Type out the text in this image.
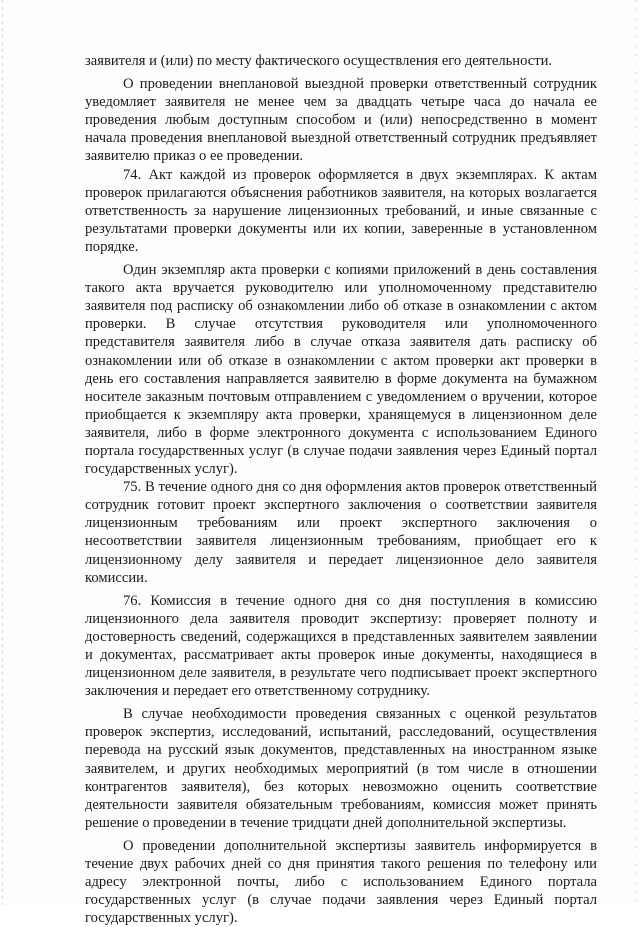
заявителя и (или) по месту фактического осуществления его деятельности.

О проведении внеплановой выездной проверки ответственный сотрудник уведомляет заявителя не менее чем за двадцать четыре часа до начала ее проведения любым доступным способом и (или) непосредственно в момент начала проведения внеплановой выездной ответственный сотрудник предъявляет заявителю приказ о ее проведении.

74. Акт каждой из проверок оформляется в двух экземплярах. К актам проверок прилагаются объяснения работников заявителя, на которых возлагается ответственность за нарушение лицензионных требований, и иные связанные с результатами проверки документы или их копии, заверенные в установленном порядке.

Один экземпляр акта проверки с копиями приложений в день составления такого акта вручается руководителю или уполномоченному представителю заявителя под расписку об ознакомлении либо об отказе в ознакомлении с актом проверки. В случае отсутствия руководителя или уполномоченного представителя заявителя либо в случае отказа заявителя дать расписку об ознакомлении или об отказе в ознакомлении с актом проверки акт проверки в день его составления направляется заявителю в форме документа на бумажном носителе заказным почтовым отправлением с уведомлением о вручении, которое приобщается к экземпляру акта проверки, хранящемуся в лицензионном деле заявителя, либо в форме электронного документа с использованием Единого портала государственных услуг (в случае подачи заявления через Единый портал государственных услуг).

75. В течение одного дня со дня оформления актов проверок ответственный сотрудник готовит проект экспертного заключения о соответствии заявителя лицензионным требованиям или проект экспертного заключения о несоответствии заявителя лицензионным требованиям, приобщает его к лицензионному делу заявителя и передает лицензионное дело заявителя комиссии.

76. Комиссия в течение одного дня со дня поступления в комиссию лицензионного дела заявителя проводит экспертизу: проверяет полноту и достоверность сведений, содержащихся в представленных заявителем заявлении и документах, рассматривает акты проверок иные документы, находящиеся в лицензионном деле заявителя, в результате чего подписывает проект экспертного заключения и передает его ответственному сотруднику.

В случае необходимости проведения связанных с оценкой результатов проверок экспертиз, исследований, испытаний, расследований, осуществления перевода на русский язык документов, представленных на иностранном языке заявителем, и других необходимых мероприятий (в том числе в отношении контрагентов заявителя), без которых невозможно оценить соответствие деятельности заявителя обязательным требованиям, комиссия может принять решение о проведении в течение тридцати дней дополнительной экспертизы.

О проведении дополнительной экспертизы заявитель информируется в течение двух рабочих дней со дня принятия такого решения по телефону или адресу электронной почты, либо с использованием Единого портала государственных услуг (в случае подачи заявления через Единый портал государственных услуг).
